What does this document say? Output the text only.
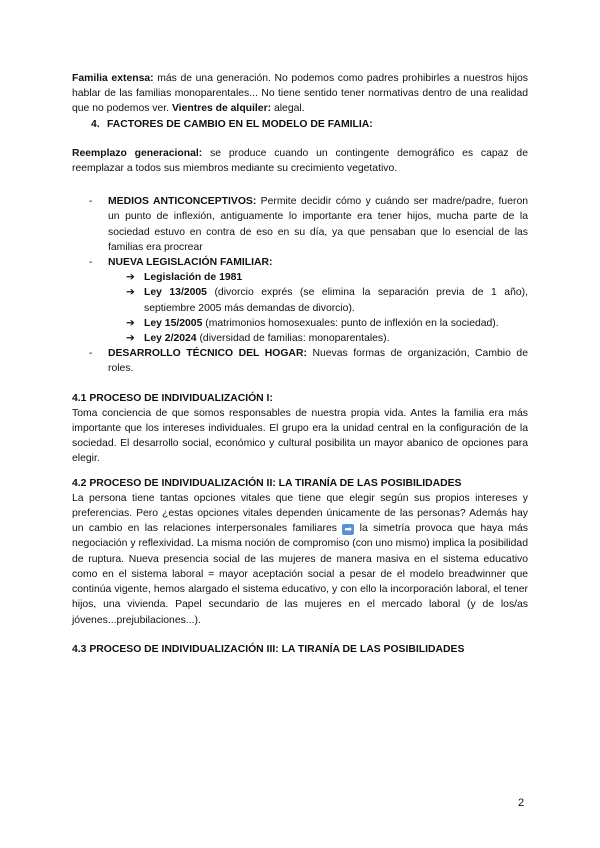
Familia extensa: más de una generación. No podemos como padres prohibirles a nuestros hijos hablar de las familias monoparentales... No tiene sentido tener normativas dentro de una realidad que no podemos ver. Vientres de alquiler: alegal.

4. FACTORES DE CAMBIO EN EL MODELO DE FAMILIA:

Reemplazo generacional: se produce cuando un contingente demográfico es capaz de reemplazar a todos sus miembros mediante su crecimiento vegetativo.

- MEDIOS ANTICONCEPTIVOS: Permite decidir cómo y cuándo ser madre/padre, fueron un punto de inflexión, antiguamente lo importante era tener hijos, mucha parte de la sociedad estuvo en contra de eso en su día, ya que pensaban que lo esencial de las familias era procrear
- NUEVA LEGISLACIÓN FAMILIAR:
➔ Legislación de 1981
➔ Ley 13/2005 (divorcio exprés (se elimina la separación previa de 1 año), septiembre 2005 más demandas de divorcio).
➔ Ley 15/2005 (matrimonios homosexuales: punto de inflexión en la sociedad).
➔ Ley 2/2024 (diversidad de familias: monoparentales).
- DESARROLLO TÉCNICO DEL HOGAR: Nuevas formas de organización, Cambio de roles.

4.1 PROCESO DE INDIVIDUALIZACIÓN I:

Toma conciencia de que somos responsables de nuestra propia vida. Antes la familia era más importante que los intereses individuales. El grupo era la unidad central en la configuración de la sociedad. El desarrollo social, económico y cultural posibilita un mayor abanico de opciones para elegir.

4.2 PROCESO DE INDIVIDUALIZACIÓN II: LA TIRANÍA DE LAS POSIBILIDADES

La persona tiene tantas opciones vitales que tiene que elegir según sus propios intereses y preferencias. Pero ¿estas opciones vitales dependen únicamente de las personas? Además hay un cambio en las relaciones interpersonales familiares ➡ la simetría provoca que haya más negociación y reflexividad. La misma noción de compromiso (con uno mismo) implica la posibilidad de ruptura. Nueva presencia social de las mujeres de manera masiva en el sistema educativo como en el sistema laboral = mayor aceptación social a pesar de el modelo breadwinner que continúa vigente, hemos alargado el sistema educativo, y con ello la incorporación laboral, el tener hijos, una vivienda. Papel secundario de las mujeres en el mercado laboral (y de los/as jóvenes...prejubilaciones...).

4.3 PROCESO DE INDIVIDUALIZACIÓN III: LA TIRANÍA DE LAS POSIBILIDADES

2
